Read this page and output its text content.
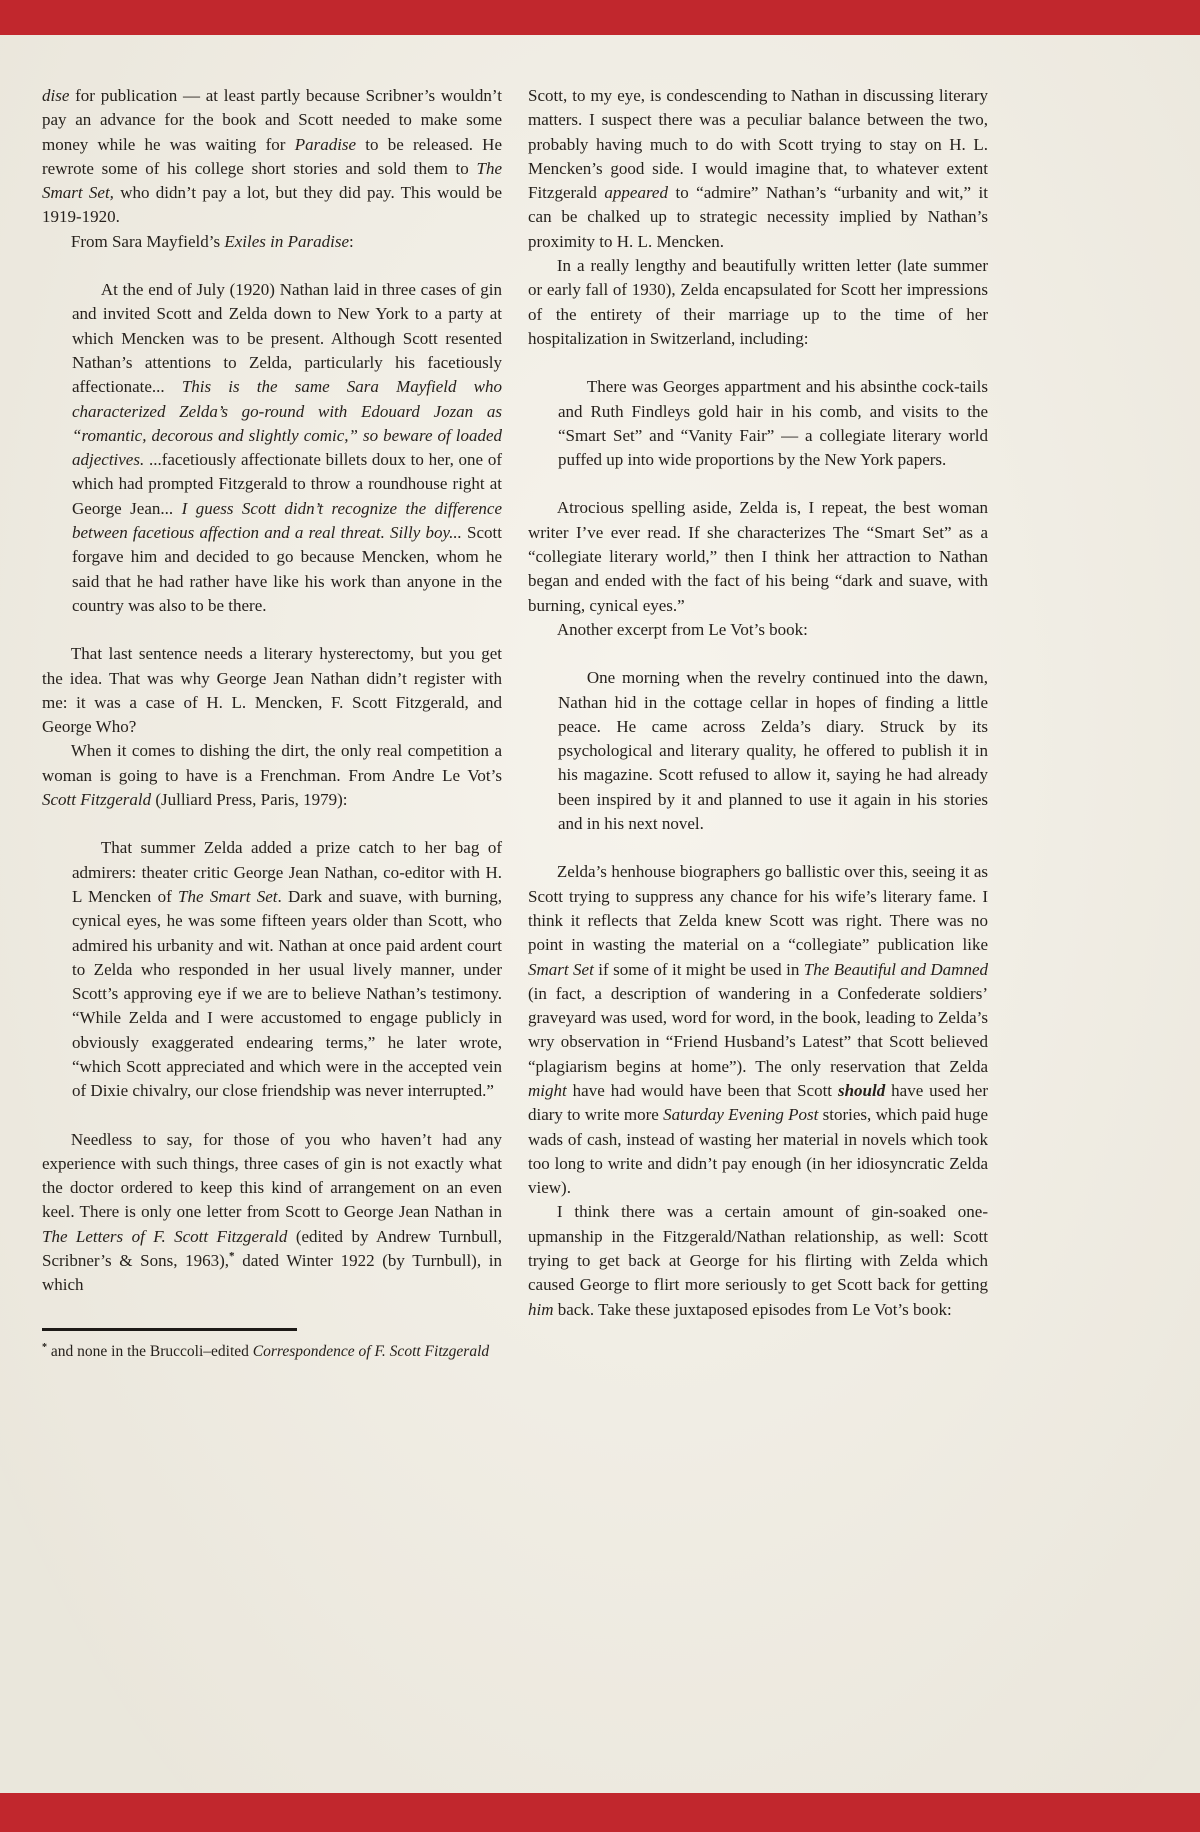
dise for publication — at least partly because Scribner’s wouldn’t pay an advance for the book and Scott needed to make some money while he was waiting for Paradise to be released. He rewrote some of his college short stories and sold them to The Smart Set, who didn’t pay a lot, but they did pay. This would be 1919-1920.

From Sara Mayfield’s Exiles in Paradise:

At the end of July (1920) Nathan laid in three cases of gin and invited Scott and Zelda down to New York to a party at which Mencken was to be present. Although Scott resented Nathan’s attentions to Zelda, particularly his facetiously affectionate... This is the same Sara Mayfield who characterized Zelda’s go-round with Edouard Jozan as “romantic, decorous and slightly comic,” so beware of loaded adjectives. ...facetiously affectionate billets doux to her, one of which had prompted Fitzgerald to throw a roundhouse right at George Jean... I guess Scott didn’t recognize the difference between facetious affection and a real threat. Silly boy... Scott forgave him and decided to go because Mencken, whom he said that he had rather have like his work than anyone in the country was also to be there.

That last sentence needs a literary hysterectomy, but you get the idea. That was why George Jean Nathan didn’t register with me: it was a case of H. L. Mencken, F. Scott Fitzgerald, and George Who?

When it comes to dishing the dirt, the only real competition a woman is going to have is a Frenchman. From Andre Le Vot’s Scott Fitzgerald (Julliard Press, Paris, 1979):

That summer Zelda added a prize catch to her bag of admirers: theater critic George Jean Nathan, co-editor with H. L Mencken of The Smart Set. Dark and suave, with burning, cynical eyes, he was some fifteen years older than Scott, who admired his urbanity and wit. Nathan at once paid ardent court to Zelda who responded in her usual lively manner, under Scott’s approving eye if we are to believe Nathan’s testimony. “While Zelda and I were accustomed to engage publicly in obviously exaggerated endearing terms,” he later wrote, “which Scott appreciated and which were in the accepted vein of Dixie chivalry, our close friendship was never interrupted.”

Needless to say, for those of you who haven’t had any experience with such things, three cases of gin is not exactly what the doctor ordered to keep this kind of arrangement on an even keel. There is only one letter from Scott to George Jean Nathan in The Letters of F. Scott Fitzgerald (edited by Andrew Turnbull, Scribner’s & Sons, 1963),* dated Winter 1922 (by Turnbull), in which

* and none in the Bruccoli–edited Correspondence of F. Scott Fitzgerald

Scott, to my eye, is condescending to Nathan in discussing literary matters. I suspect there was a peculiar balance between the two, probably having much to do with Scott trying to stay on H. L. Mencken’s good side. I would imagine that, to whatever extent Fitzgerald appeared to “admire” Nathan’s “urbanity and wit,” it can be chalked up to strategic necessity implied by Nathan’s proximity to H. L. Mencken.

In a really lengthy and beautifully written letter (late summer or early fall of 1930), Zelda encapsulated for Scott her impressions of the entirety of their marriage up to the time of her hospitalization in Switzerland, including:

There was Georges appartment and his absinthe cock-tails and Ruth Findleys gold hair in his comb, and visits to the “Smart Set” and “Vanity Fair” — a collegiate literary world puffed up into wide proportions by the New York papers.

Atrocious spelling aside, Zelda is, I repeat, the best woman writer I’ve ever read. If she characterizes The “Smart Set” as a “collegiate literary world,” then I think her attraction to Nathan began and ended with the fact of his being “dark and suave, with burning, cynical eyes.”

Another excerpt from Le Vot’s book:

One morning when the revelry continued into the dawn, Nathan hid in the cottage cellar in hopes of finding a little peace. He came across Zelda’s diary. Struck by its psychological and literary quality, he offered to publish it in his magazine. Scott refused to allow it, saying he had already been inspired by it and planned to use it again in his stories and in his next novel.

Zelda’s henhouse biographers go ballistic over this, seeing it as Scott trying to suppress any chance for his wife’s literary fame. I think it reflects that Zelda knew Scott was right. There was no point in wasting the material on a “collegiate” publication like Smart Set if some of it might be used in The Beautiful and Damned (in fact, a description of wandering in a Confederate soldiers’ graveyard was used, word for word, in the book, leading to Zelda’s wry observation in “Friend Husband’s Latest” that Scott believed “plagiarism begins at home”). The only reservation that Zelda might have had would have been that Scott should have used her diary to write more Saturday Evening Post stories, which paid huge wads of cash, instead of wasting her material in novels which took too long to write and didn’t pay enough (in her idiosyncratic Zelda view).

I think there was a certain amount of gin-soaked one-upmanship in the Fitzgerald/Nathan relationship, as well: Scott trying to get back at George for his flirting with Zelda which caused George to flirt more seriously to get Scott back for getting him back. Take these juxtaposed episodes from Le Vot’s book:
